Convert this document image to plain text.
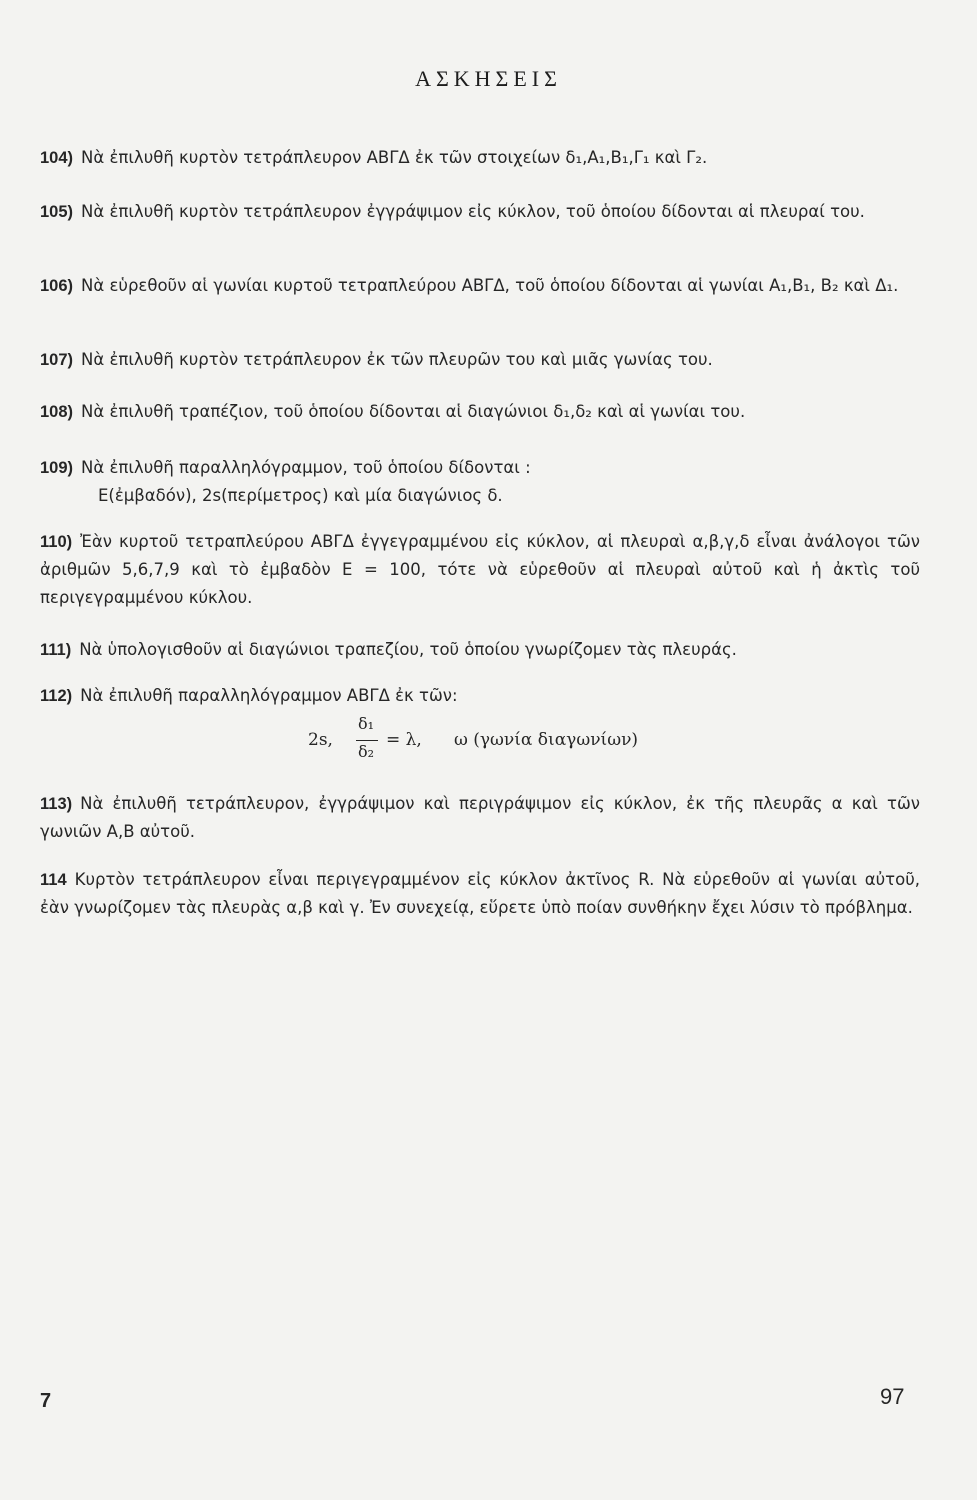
ΑΣΚΗΣΕΙΣ

104) Νὰ ἐπιλυθῆ κυρτὸν τετράπλευρον ΑΒΓΔ ἐκ τῶν στοιχείων δ₁,Α₁,Β₁,Γ₁ καὶ Γ₂.

105) Νὰ ἐπιλυθῆ κυρτὸν τετράπλευρον ἐγγράψιμον εἰς κύκλον, τοῦ ὁποίου δίδονται αἱ πλευραί του.

106) Νὰ εὑρεθοῦν αἱ γωνίαι κυρτοῦ τετραπλεύρου ΑΒΓΔ, τοῦ ὁποίου δίδονται αἱ γωνίαι Α₁,Β₁, Β₂ καὶ Δ₁.

107) Νὰ ἐπιλυθῆ κυρτὸν τετράπλευρον ἐκ τῶν πλευρῶν του καὶ μιᾶς γωνίας του.

108) Νὰ ἐπιλυθῆ τραπέζιον, τοῦ ὁποίου δίδονται αἱ διαγώνιοι δ₁,δ₂ καὶ αἱ γωνίαι του.

109) Νὰ ἐπιλυθῆ παραλληλόγραμμον, τοῦ ὁποίου δίδονται :
Ε(ἐμβαδόν), 2s(περίμετρος) καὶ μία διαγώνιος δ.

110) Ἐὰν κυρτοῦ τετραπλεύρου ΑΒΓΔ ἐγγεγραμμένου εἰς κύκλον, αἱ πλευραὶ α,β,γ,δ εἶναι ἀνάλογοι τῶν ἀριθμῶν 5,6,7,9 καὶ τὸ ἐμβαδὸν Ε = 100, τότε νὰ εὑρεθοῦν αἱ πλευραὶ αὐτοῦ καὶ ἡ ἀκτὶς τοῦ περιγεγραμμένου κύκλου.

111) Νὰ ὑπολογισθοῦν αἱ διαγώνιοι τραπεζίου, τοῦ ὁποίου γνωρίζομεν τὰς πλευράς.

112) Νὰ ἐπιλυθῆ παραλληλόγραμμον ΑΒΓΔ ἐκ τῶν:

2s,
δ₁
δ₂
= λ, ω (γωνία διαγωνίων)

113) Νὰ ἐπιλυθῆ τετράπλευρον, ἐγγράψιμον καὶ περιγράψιμον εἰς κύκλον, ἐκ τῆς πλευρᾶς α καὶ τῶν γωνιῶν Α,Β αὐτοῦ.

114 Κυρτὸν τετράπλευρον εἶναι περιγεγραμμένον εἰς κύκλον ἀκτῖνος R. Νὰ εὑρεθοῦν αἱ γωνίαι αὐτοῦ, ἐὰν γνωρίζομεν τὰς πλευρὰς α,β καὶ γ. Ἐν συνεχείᾳ, εὕρετε ὑπὸ ποίαν συνθήκην ἔχει λύσιν τὸ πρόβλημα.

7	97
